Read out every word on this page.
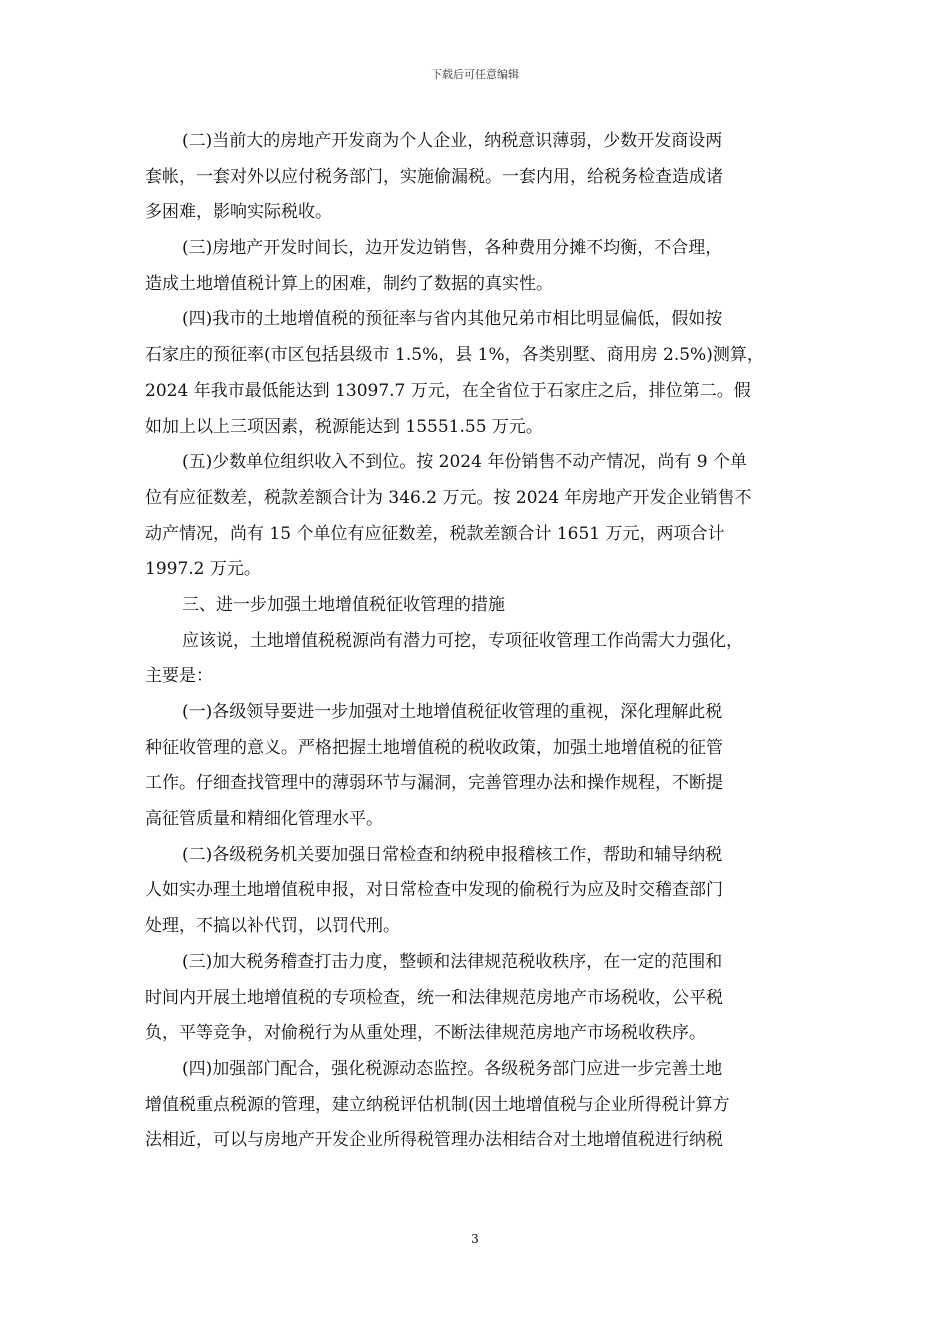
下载后可任意编辑
(二)当前大的房地产开发商为个人企业，纳税意识薄弱，少数开发商设两
套帐，一套对外以应付税务部门，实施偷漏税。一套内用，给税务检查造成诸
多困难，影响实际税收。
(三)房地产开发时间长，边开发边销售，各种费用分摊不均衡，不合理，
造成土地增值税计算上的困难，制约了数据的真实性。
(四)我市的土地增值税的预征率与省内其他兄弟市相比明显偏低，假如按
石家庄的预征率(市区包括县级市 1.5%，县 1%，各类别墅、商用房 2.5%)测算，
2024 年我市最低能达到 13097.7 万元，在全省位于石家庄之后，排位第二。假
如加上以上三项因素，税源能达到 15551.55 万元。
(五)少数单位组织收入不到位。按 2024 年份销售不动产情况，尚有 9 个单
位有应征数差，税款差额合计为 346.2 万元。按 2024 年房地产开发企业销售不
动产情况，尚有 15 个单位有应征数差，税款差额合计 1651 万元，两项合计
1997.2 万元。
三、进一步加强土地增值税征收管理的措施
应该说，土地增值税税源尚有潜力可挖，专项征收管理工作尚需大力强化，
主要是：
(一)各级领导要进一步加强对土地增值税征收管理的重视，深化理解此税
种征收管理的意义。严格把握土地增值税的税收政策，加强土地增值税的征管
工作。仔细查找管理中的薄弱环节与漏洞，完善管理办法和操作规程，不断提
高征管质量和精细化管理水平。
(二)各级税务机关要加强日常检查和纳税申报稽核工作，帮助和辅导纳税
人如实办理土地增值税申报，对日常检查中发现的偷税行为应及时交稽查部门
处理，不搞以补代罚，以罚代刑。
(三)加大税务稽查打击力度，整顿和法律规范税收秩序，在一定的范围和
时间内开展土地增值税的专项检查，统一和法律规范房地产市场税收，公平税
负，平等竞争，对偷税行为从重处理，不断法律规范房地产市场税收秩序。
(四)加强部门配合，强化税源动态监控。各级税务部门应进一步完善土地
增值税重点税源的管理，建立纳税评估机制(因土地增值税与企业所得税计算方
法相近，可以与房地产开发企业所得税管理办法相结合对土地增值税进行纳税
3
